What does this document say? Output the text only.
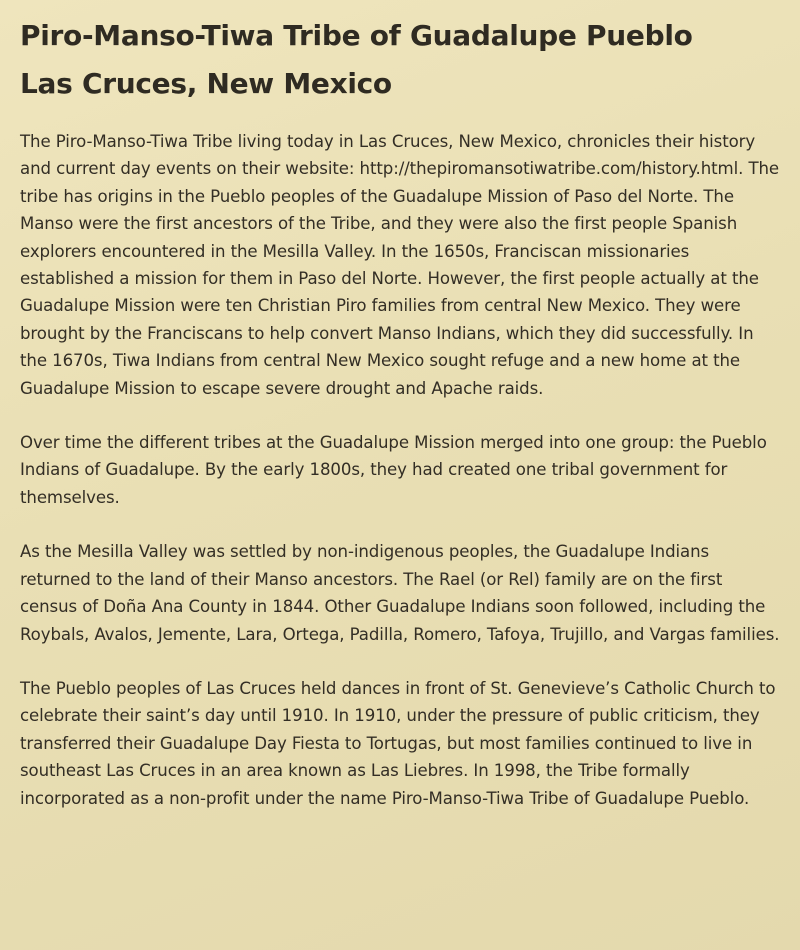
Piro-Manso-Tiwa Tribe of Guadalupe Pueblo
Las Cruces, New Mexico

The Piro-Manso-Tiwa Tribe living today in Las Cruces, New Mexico, chronicles their history and current day events on their website: http://thepiromansotiwatribe.com/history.html. The tribe has origins in the Pueblo peoples of the Guadalupe Mission of Paso del Norte. The Manso were the first ancestors of the Tribe, and they were also the first people Spanish explorers encountered in the Mesilla Valley. In the 1650s, Franciscan missionaries established a mission for them in Paso del Norte. However, the first people actually at the Guadalupe Mission were ten Christian Piro families from central New Mexico. They were brought by the Franciscans to help convert Manso Indians, which they did successfully. In the 1670s, Tiwa Indians from central New Mexico sought refuge and a new home at the Guadalupe Mission to escape severe drought and Apache raids.

Over time the different tribes at the Guadalupe Mission merged into one group: the Pueblo Indians of Guadalupe. By the early 1800s, they had created one tribal government for themselves.

As the Mesilla Valley was settled by non-indigenous peoples, the Guadalupe Indians returned to the land of their Manso ancestors. The Rael (or Rel) family are on the first census of Doña Ana County in 1844. Other Guadalupe Indians soon followed, including the Roybals, Avalos, Jemente, Lara, Ortega, Padilla, Romero, Tafoya, Trujillo, and Vargas families.

The Pueblo peoples of Las Cruces held dances in front of St. Genevieve’s Catholic Church to celebrate their saint’s day until 1910. In 1910, under the pressure of public criticism, they transferred their Guadalupe Day Fiesta to Tortugas, but most families continued to live in southeast Las Cruces in an area known as Las Liebres. In 1998, the Tribe formally incorporated as a non-profit under the name Piro-Manso-Tiwa Tribe of Guadalupe Pueblo.
